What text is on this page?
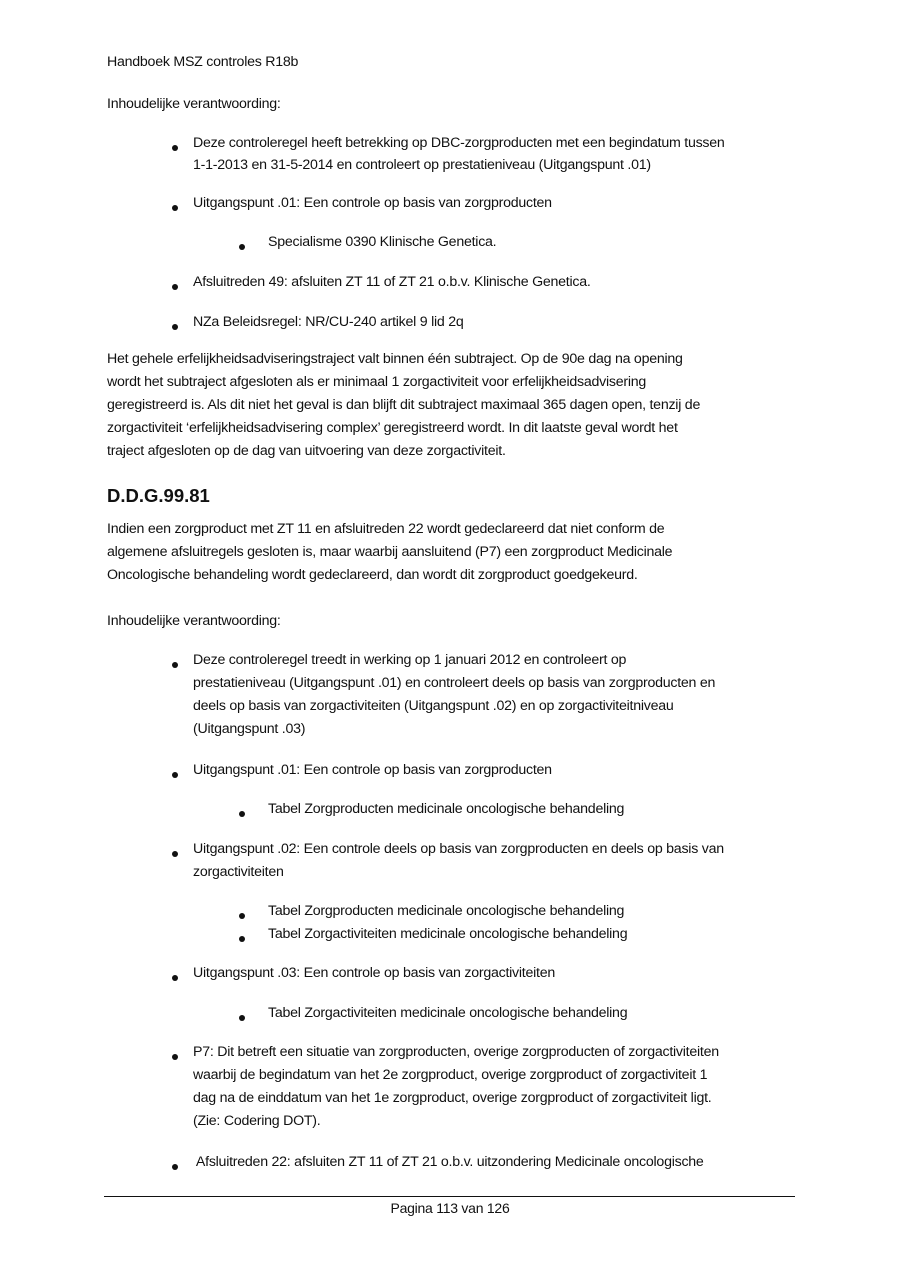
Handboek MSZ controles R18b
Inhoudelijke verantwoording:
Deze controleregel heeft betrekking op DBC-zorgproducten met een begindatum tussen
1-1-2013 en 31-5-2014 en controleert op prestatieniveau (Uitgangspunt .01)
Uitgangspunt .01: Een controle op basis van zorgproducten
Specialisme 0390 Klinische Genetica.
Afsluitreden 49: afsluiten ZT 11 of ZT 21 o.b.v. Klinische Genetica.
NZa Beleidsregel: NR/CU-240 artikel 9 lid 2q
Het gehele erfelijkheidsadviseringstraject valt binnen één subtraject. Op de 90e dag na opening
wordt het subtraject afgesloten als er minimaal 1 zorgactiviteit voor erfelijkheidsadvisering
geregistreerd is. Als dit niet het geval is dan blijft dit subtraject maximaal 365 dagen open, tenzij de
zorgactiviteit ‘erfelijkheidsadvisering complex’ geregistreerd wordt. In dit laatste geval wordt het
traject afgesloten op de dag van uitvoering van deze zorgactiviteit.
D.D.G.99.81
Indien een zorgproduct met ZT 11 en afsluitreden 22 wordt gedeclareerd dat niet conform de
algemene afsluitregels gesloten is, maar waarbij aansluitend (P7) een zorgproduct Medicinale
Oncologische behandeling wordt gedeclareerd, dan wordt dit zorgproduct goedgekeurd.
Inhoudelijke verantwoording:
Deze controleregel treedt in werking op 1 januari 2012 en controleert op
prestatieniveau (Uitgangspunt .01) en controleert deels op basis van zorgproducten en
deels op basis van zorgactiviteiten (Uitgangspunt .02) en op zorgactiviteitniveau
(Uitgangspunt .03)
Uitgangspunt .01: Een controle op basis van zorgproducten
Tabel Zorgproducten medicinale oncologische behandeling
Uitgangspunt .02: Een controle deels op basis van zorgproducten en deels op basis van
zorgactiviteiten
Tabel Zorgproducten medicinale oncologische behandeling
Tabel Zorgactiviteiten medicinale oncologische behandeling
Uitgangspunt .03: Een controle op basis van zorgactiviteiten
Tabel Zorgactiviteiten medicinale oncologische behandeling
P7: Dit betreft een situatie van zorgproducten, overige zorgproducten of zorgactiviteiten
waarbij de begindatum van het 2e zorgproduct, overige zorgproduct of zorgactiviteit 1
dag na de einddatum van het 1e zorgproduct, overige zorgproduct of zorgactiviteit ligt.
(Zie: Codering DOT).
Afsluitreden 22: afsluiten ZT 11 of ZT 21 o.b.v. uitzondering Medicinale oncologische
Pagina 113 van 126
